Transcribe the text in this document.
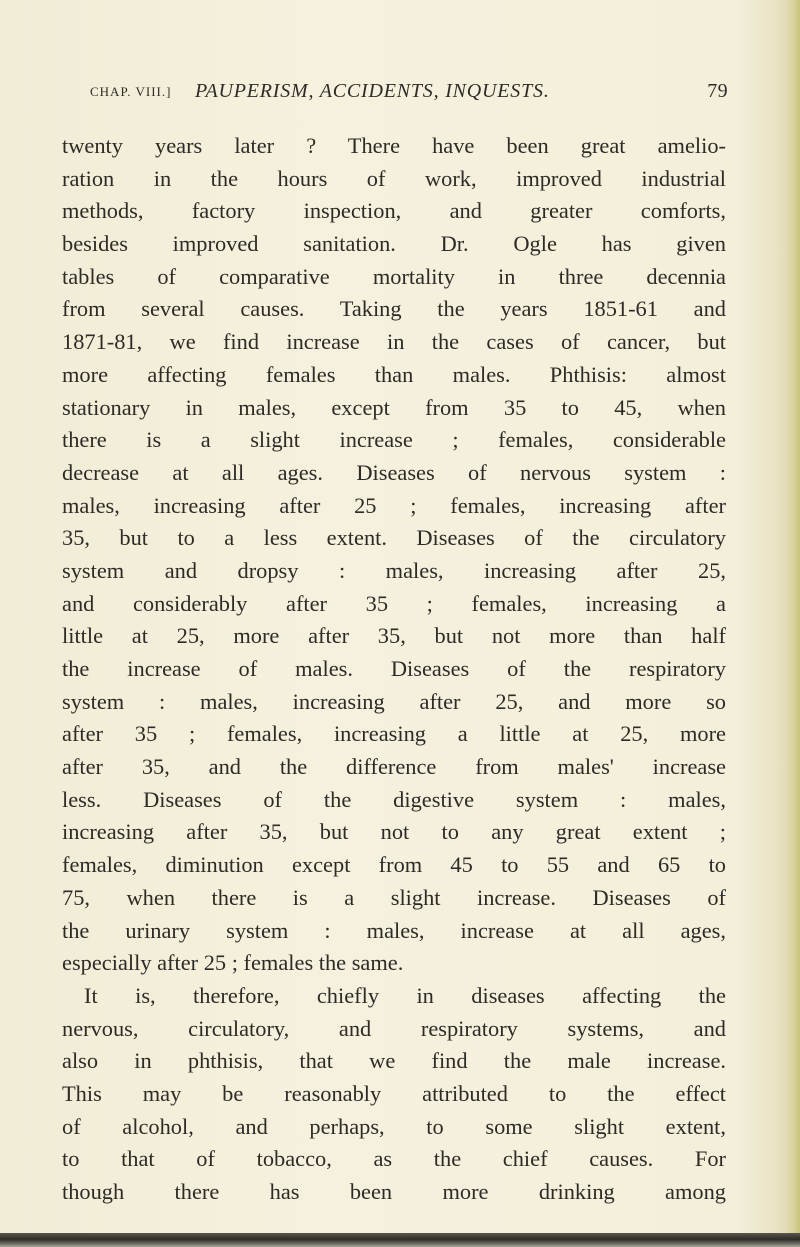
CHAP. VIII.] PAUPERISM, ACCIDENTS, INQUESTS.	79
twenty years later ? There have been great amelio-
ration in the hours of work, improved industrial
methods, factory inspection, and greater comforts,
besides improved sanitation. Dr. Ogle has given
tables of comparative mortality in three decennia
from several causes. Taking the years 1851-61 and
1871-81, we find increase in the cases of cancer, but
more affecting females than males. Phthisis: almost
stationary in males, except from 35 to 45, when
there is a slight increase ; females, considerable
decrease at all ages. Diseases of nervous system :
males, increasing after 25 ; females, increasing after
35, but to a less extent. Diseases of the circulatory
system and dropsy : males, increasing after 25,
and considerably after 35 ; females, increasing a
little at 25, more after 35, but not more than half
the increase of males. Diseases of the respiratory
system : males, increasing after 25, and more so
after 35 ; females, increasing a little at 25, more
after 35, and the difference from males' increase
less. Diseases of the digestive system : males,
increasing after 35, but not to any great extent ;
females, diminution except from 45 to 55 and 65 to
75, when there is a slight increase. Diseases of
the urinary system : males, increase at all ages,
especially after 25 ; females the same.
It is, therefore, chiefly in diseases affecting the
nervous, circulatory, and respiratory systems, and
also in phthisis, that we find the male increase.
This may be reasonably attributed to the effect
of alcohol, and perhaps, to some slight extent,
to that of tobacco, as the chief causes. For
though there has been more drinking among
